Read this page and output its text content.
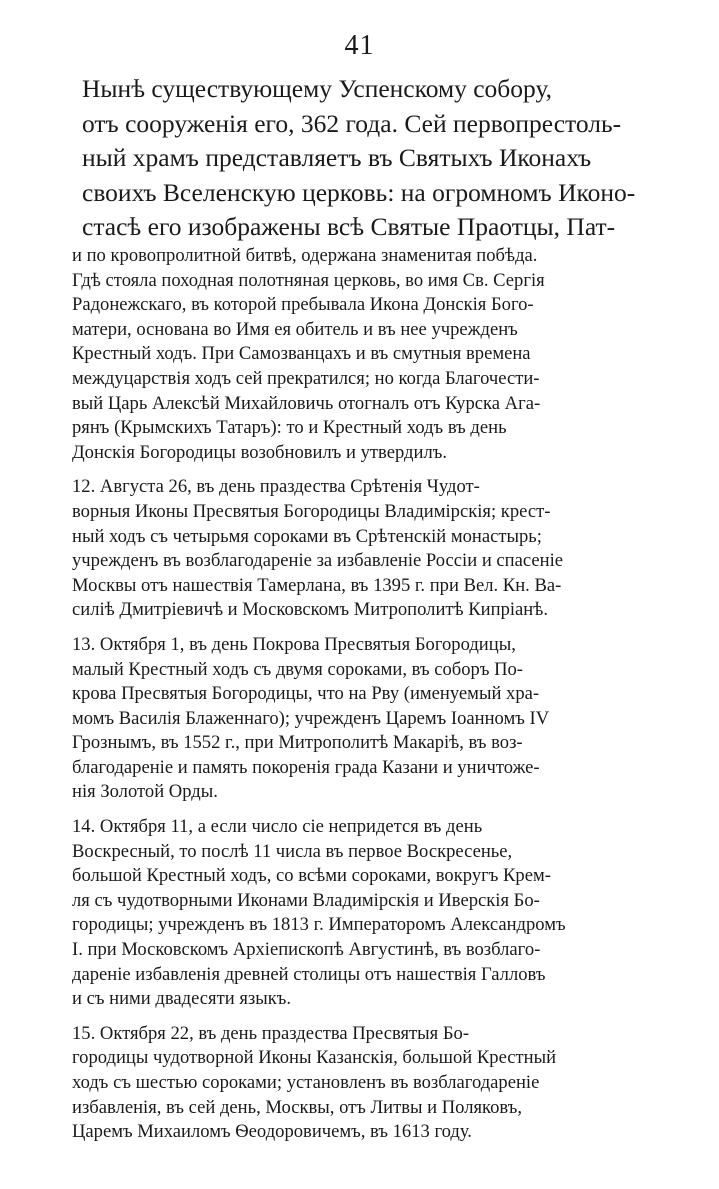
41
Нынѣ существующему Успенскому собору,
отъ сооруженія его, 362 года. Сей первопрестоль-
ный храмъ представляетъ въ Святыхъ Иконахъ
своихъ Вселенскую церковь: на огромномъ Иконо-
стасѣ его изображены всѣ Святые Праотцы, Пат-
и по кровопролитной битвѣ, одержана знаменитая побѣда.
Гдѣ стояла походная полотняная церковь, во имя Св. Сергія
Радонежскаго, въ которой пребывала Икона Донскія Бого-
матери, основана во Имя ея обитель и въ нее учрежденъ
Крестный ходъ. При Самозванцахъ и въ смутныя времена
междуцарствія ходъ сей прекратился; но когда Благочести-
вый Царь Алексѣй Михайловичь отогналъ отъ Курска Ага-
рянъ (Крымскихъ Татаръ): то и Крестный ходъ въ день
Донскія Богородицы возобновилъ и утвердилъ.
12. Августа 26, въ день праздества Срѣтенія Чудот-
ворныя Иконы Пресвятыя Богородицы Владимірскія; крест-
ный ходъ съ четырьмя сороками въ Срѣтенскій монастырь;
учрежденъ въ возблагодареніе за избавленіе Россіи и спасеніе
Москвы отъ нашествія Тамерлана, въ 1395 г. при Вел. Кн. Ва-
силіѣ Дмитріевичѣ и Московскомъ Митрополитѣ Кипріанѣ.
13. Октября 1, въ день Покрова Пресвятыя Богородицы,
малый Крестный ходъ съ двумя сороками, въ соборъ По-
крова Пресвятыя Богородицы, что на Рву (именуемый хра-
момъ Василія Блаженнаго); учрежденъ Царемъ Іоанномъ IV
Грознымъ, въ 1552 г., при Митрополитѣ Макаріѣ, въ воз-
благодареніе и память покоренія града Казани и уничтоже-
нія Золотой Орды.
14. Октября 11, а если число сіе непридется въ день
Воскресный, то послѣ 11 числа въ первое Воскресенье,
большой Крестный ходъ, со всѣми сороками, вокругъ Крем-
ля съ чудотворными Иконами Владимірскія и Иверскія Бо-
городицы; учрежденъ въ 1813 г. Императоромъ Александромъ
I. при Московскомъ Архіепископѣ Августинѣ, въ возблаго-
дареніе избавленія древней столицы отъ нашествія Галловъ
и съ ними двадесяти языкъ.
15. Октября 22, въ день праздества Пресвятыя Бо-
городицы чудотворной Иконы Казанскія, большой Крестный
ходъ съ шестью сороками; установленъ въ возблагодареніе
избавленія, въ сей день, Москвы, отъ Литвы и Поляковъ,
Царемъ Михаиломъ Ѳеодоровичемъ, въ 1613 году.
